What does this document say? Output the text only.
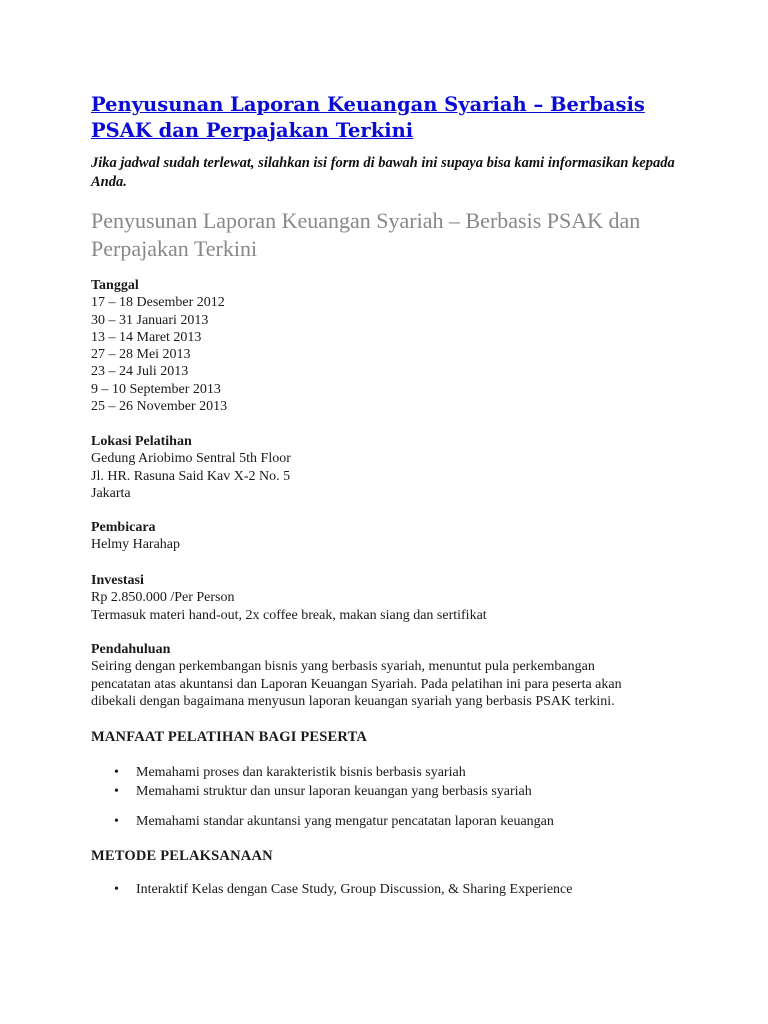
Penyusunan Laporan Keuangan Syariah – Berbasis PSAK dan Perpajakan Terkini
Jika jadwal sudah terlewat, silahkan isi form di bawah ini supaya bisa kami informasikan kepada Anda.
Penyusunan Laporan Keuangan Syariah – Berbasis PSAK dan Perpajakan Terkini
Tanggal
17 – 18 Desember 2012
30 – 31 Januari 2013
13 – 14 Maret 2013
27 – 28 Mei 2013
23 – 24 Juli 2013
9 – 10 September 2013
25 – 26 November 2013
Lokasi Pelatihan
Gedung Ariobimo Sentral 5th Floor
Jl. HR. Rasuna Said Kav X-2 No. 5
Jakarta
Pembicara
Helmy Harahap
Investasi
Rp 2.850.000 /Per Person
Termasuk materi hand-out, 2x coffee break, makan siang dan sertifikat
Pendahuluan
Seiring dengan perkembangan bisnis yang berbasis syariah, menuntut pula perkembangan
pencatatan atas akuntansi dan Laporan Keuangan Syariah. Pada pelatihan ini para peserta akan
dibekali dengan bagaimana menyusun laporan keuangan syariah yang berbasis PSAK terkini.
MANFAAT PELATIHAN BAGI PESERTA
• Memahami proses dan karakteristik bisnis berbasis syariah
• Memahami struktur dan unsur laporan keuangan yang berbasis syariah
• Memahami standar akuntansi yang mengatur pencatatan laporan keuangan
METODE PELAKSANAAN
• Interaktif Kelas dengan Case Study, Group Discussion, & Sharing Experience
